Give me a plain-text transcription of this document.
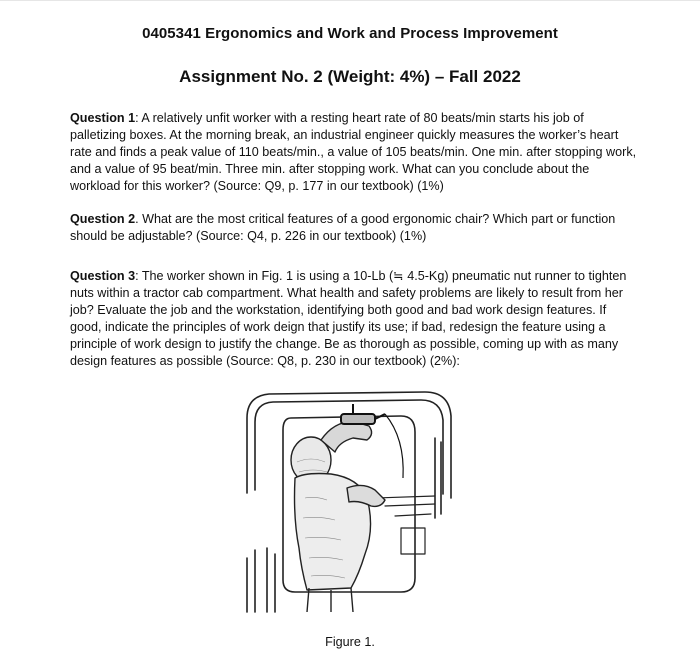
0405341 Ergonomics and Work and Process Improvement
Assignment No. 2 (Weight: 4%) – Fall 2022

Question 1: A relatively unfit worker with a resting heart rate of 80 beats/min starts his job of palletizing boxes. At the morning break, an industrial engineer quickly measures the worker’s heart rate and finds a peak value of 110 beats/min., a value of 105 beats/min. One min. after stopping work, and a value of 95 beat/min. Three min. after stopping work. What can you conclude about the workload for this worker? (Source: Q9, p. 177 in our textbook) (1%)

Question 2. What are the most critical features of a good ergonomic chair? Which part or function should be adjustable? (Source: Q4, p. 226 in our textbook) (1%)

Question 3: The worker shown in Fig. 1 is using a 10-Lb (≒ 4.5-Kg) pneumatic nut runner to tighten nuts within a tractor cab compartment. What health and safety problems are likely to result from her job? Evaluate the job and the workstation, identifying both good and bad work design features. If good, indicate the principles of work deign that justify its use; if bad, redesign the feature using a principle of work design to justify the change. Be as thorough as possible, coming up with as many design features as possible (Source: Q8, p. 230 in our textbook) (2%):

Figure 1.
